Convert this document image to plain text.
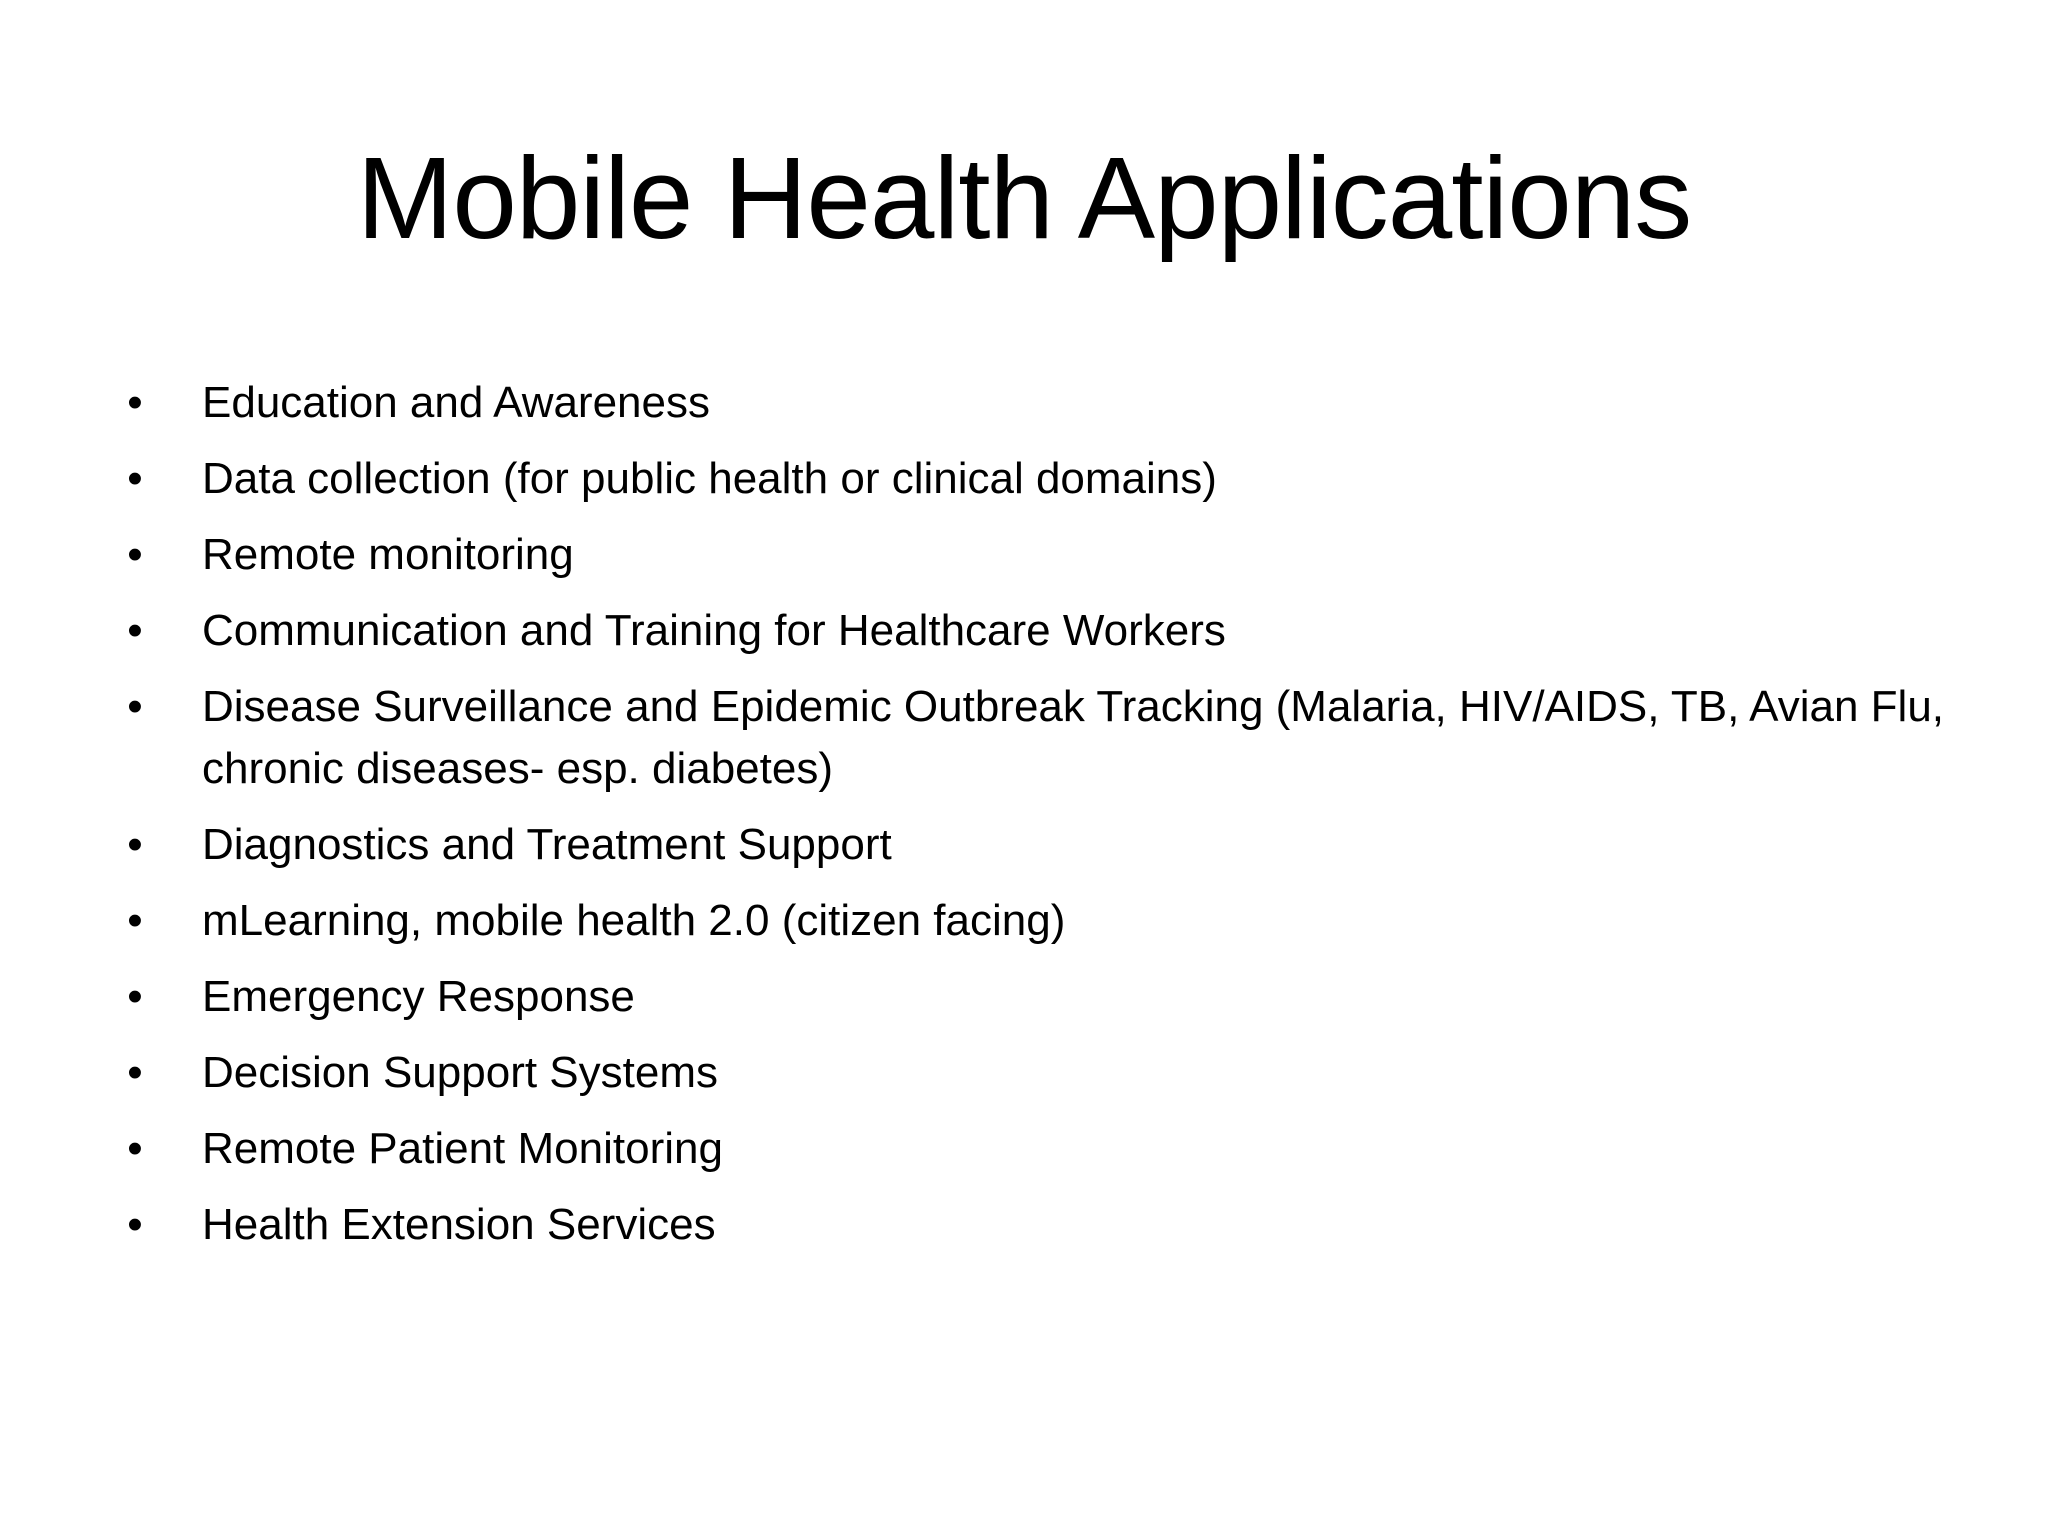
Mobile Health Applications
• Education and Awareness
• Data collection (for public health or clinical domains)
• Remote monitoring
• Communication and Training for Healthcare Workers
• Disease Surveillance and Epidemic Outbreak Tracking (Malaria, HIV/AIDS, TB, Avian Flu, chronic diseases- esp. diabetes)
• Diagnostics and Treatment Support
• mLearning, mobile health 2.0 (citizen facing)
• Emergency Response
• Decision Support Systems
• Remote Patient Monitoring
• Health Extension Services
